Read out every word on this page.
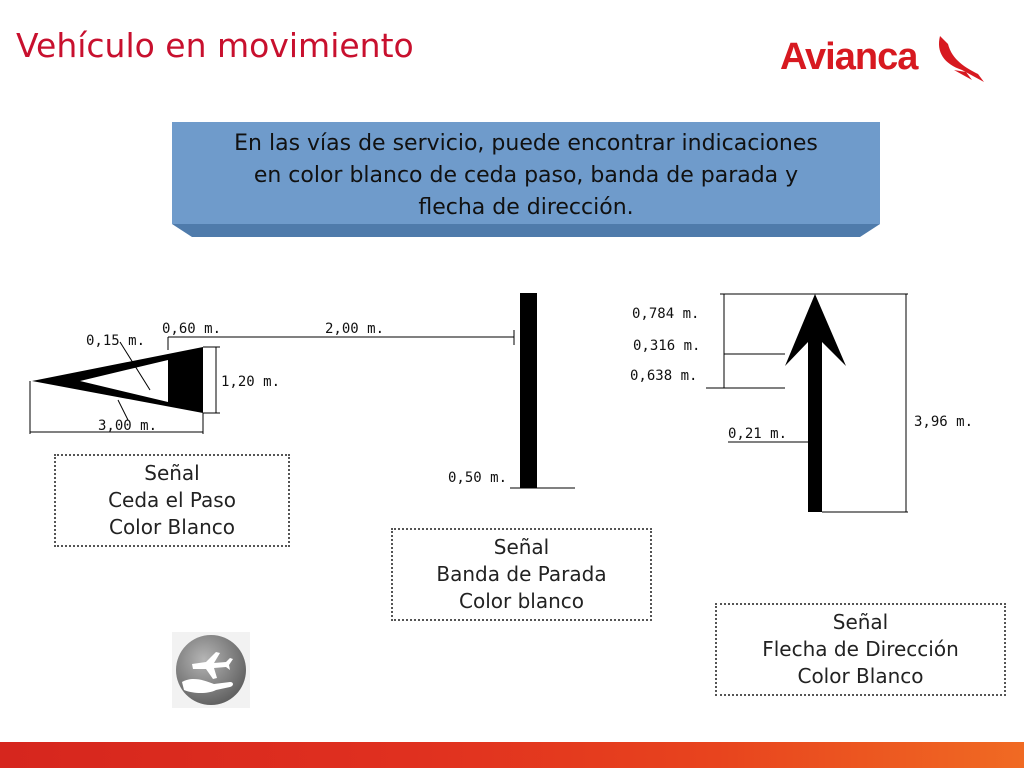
Vehículo en movimiento	Avianca
En las vías de servicio, puede encontrar indicaciones
en color blanco de ceda paso, banda de parada y
flecha de dirección.
0,15 m.
0,60 m.	2,00 m.
1,20 m.
3,00 m.
0,50 m.
0,784 m.
0,316 m.
0,638 m.
0,21 m.
3,96 m.
Señal
Ceda el Paso
Color Blanco
Señal
Banda de Parada
Color blanco
Señal
Flecha de Dirección
Color Blanco
